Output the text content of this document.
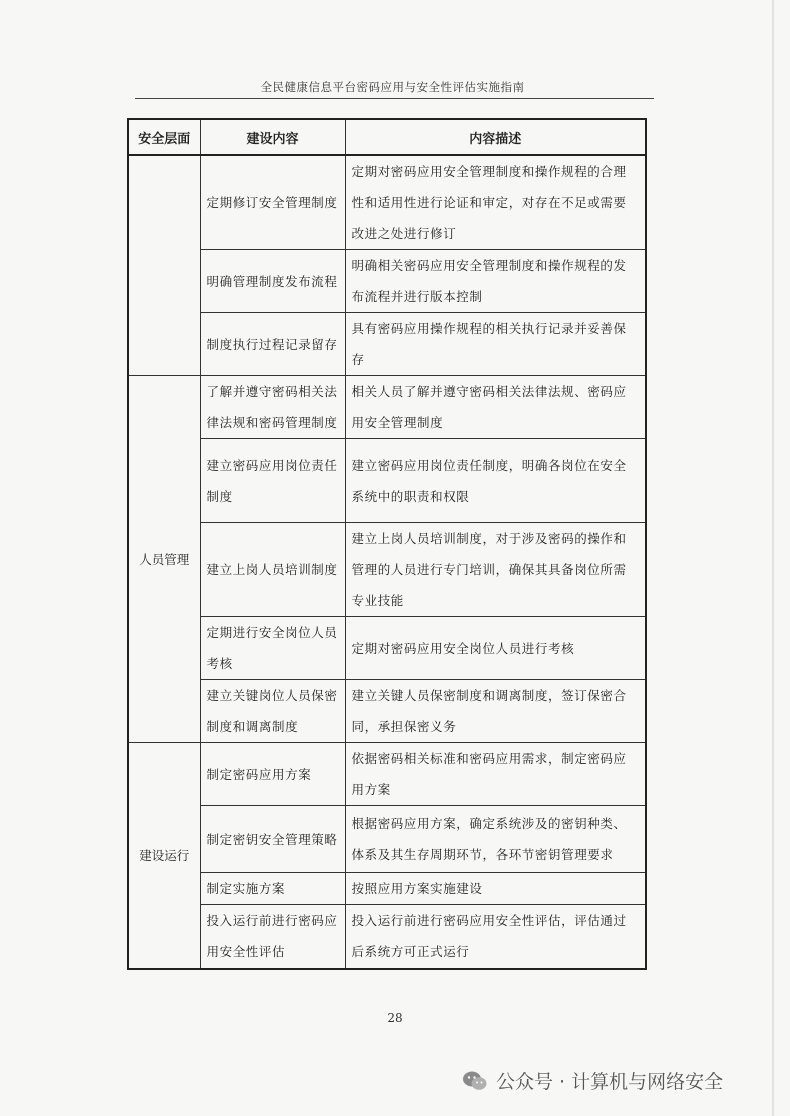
全民健康信息平台密码应用与安全性评估实施指南
安全层面	建设内容	内容描述
	定期修订安全管理制度	定期对密码应用安全管理制度和操作规程的合理性和适用性进行论证和审定，对存在不足或需要改进之处进行修订
	明确管理制度发布流程	明确相关密码应用安全管理制度和操作规程的发布流程并进行版本控制
	制度执行过程记录留存	具有密码应用操作规程的相关执行记录并妥善保存
人员管理	了解并遵守密码相关法律法规和密码管理制度	相关人员了解并遵守密码相关法律法规、密码应用安全管理制度
	建立密码应用岗位责任制度	建立密码应用岗位责任制度，明确各岗位在安全系统中的职责和权限
	建立上岗人员培训制度	建立上岗人员培训制度，对于涉及密码的操作和管理的人员进行专门培训，确保其具备岗位所需专业技能
	定期进行安全岗位人员考核	定期对密码应用安全岗位人员进行考核
	建立关键岗位人员保密制度和调离制度	建立关键人员保密制度和调离制度，签订保密合同，承担保密义务
建设运行	制定密码应用方案	依据密码相关标准和密码应用需求，制定密码应用方案
	制定密钥安全管理策略	根据密码应用方案，确定系统涉及的密钥种类、体系及其生存周期环节，各环节密钥管理要求
	制定实施方案	按照应用方案实施建设
	投入运行前进行密码应用安全性评估	投入运行前进行密码应用安全性评估，评估通过后系统方可正式运行
28
公众号 · 计算机与网络安全
